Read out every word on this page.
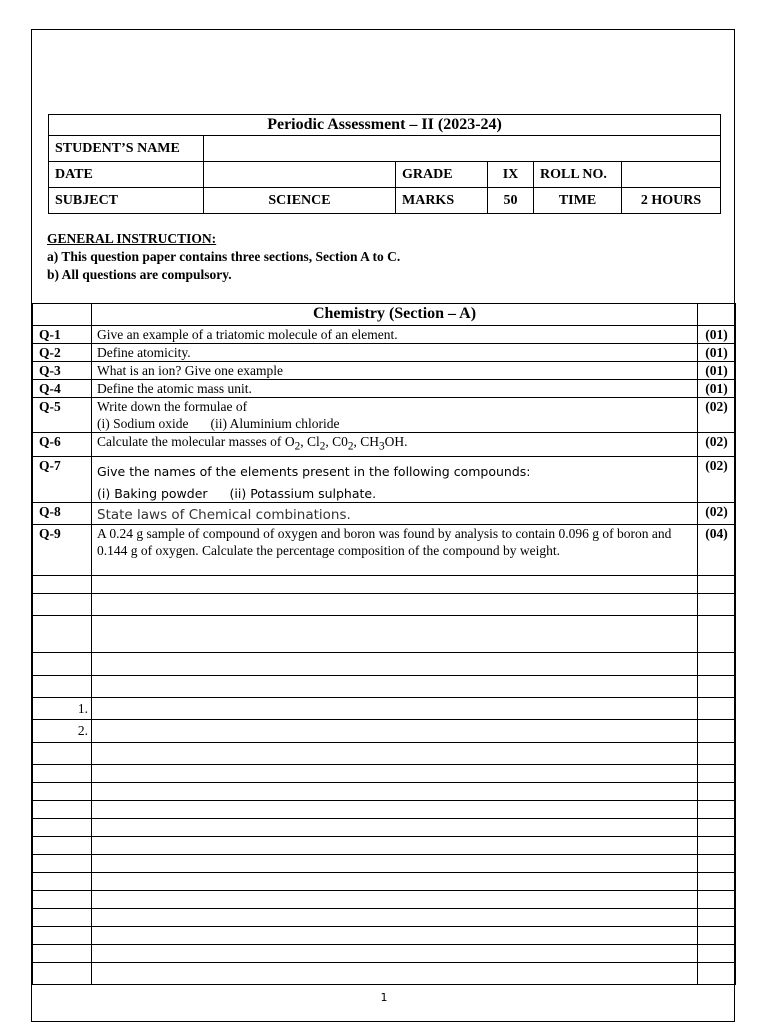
Periodic Assessment – II (2023-24)					
STUDENT’S NAME					
DATE		GRADE	IX	ROLL NO.	
SUBJECT	SCIENCE	MARKS	50	TIME	2 HOURS
GENERAL INSTRUCTION:
a) This question paper contains three sections, Section A to C.
b) All questions are compulsory.
	Chemistry (Section – A)	
Q-1	Give an example of a triatomic molecule of an element.	(01)
Q-2	Define atomicity.	(01)
Q-3	What is an ion? Give one example	(01)
Q-4	Define the atomic mass unit.	(01)
Q-5	Write down the formulae of
(i) Sodium oxide (ii) Aluminium chloride	(02)
Q-6	Calculate the molecular masses of $O_2$, $Cl_2$, $C0_2$, $CH_3OH$.	(02)
Q-7	Give the names of the elements present in the following compounds:
(i) Baking powder (ii) Potassium sulphate.	(02)
Q-8	State laws of Chemical combinations.	(02)
Q-9	A 0.24 g sample of compound of oxygen and boron was found by analysis to contain 0.096 g of boron and 0.144 g of oxygen. Calculate the percentage composition of the compound by weight.	(04)

1.		
2.		

1
